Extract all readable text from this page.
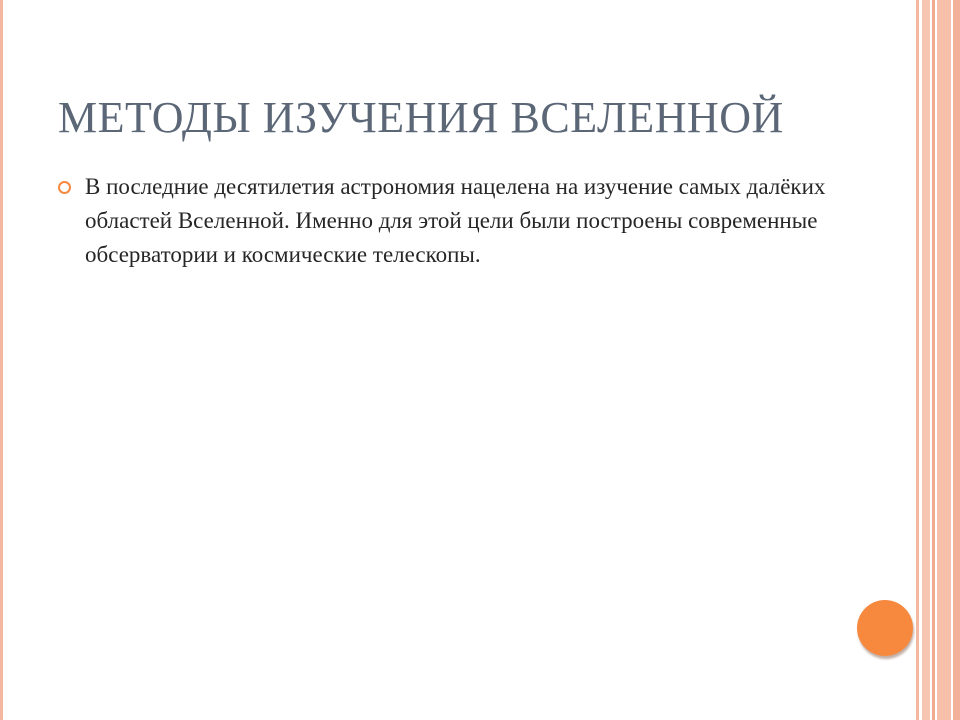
МЕТОДЫ ИЗУЧЕНИЯ ВСЕЛЕННОЙ

В последние десятилетия астрономия нацелена на изучение самых далёких областей Вселенной. Именно для этой цели были построены современные обсерватории и космические телескопы.
